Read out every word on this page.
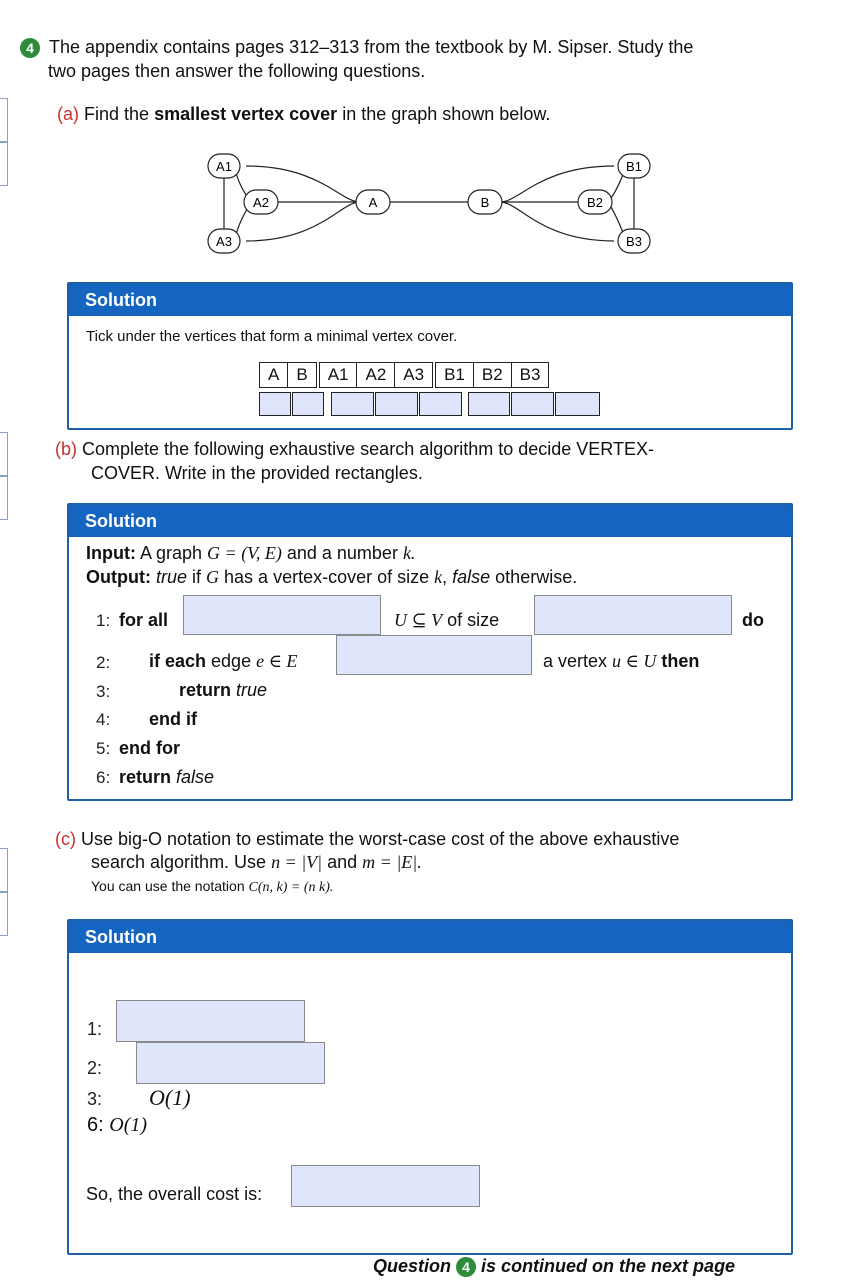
4 The appendix contains pages 312–313 from the textbook by M. Sipser. Study the
two pages then answer the following questions.
(a) Find the smallest vertex cover in the graph shown below.
A1
A2
A3
A	B
B1
B2
B3
Solution
Tick under the vertices that form a minimal vertex cover.
A	B	A1	A2	A3	B1	B2	B3
(b) Complete the following exhaustive search algorithm to decide VERTEX-
COVER. Write in the provided rectangles.
Solution
Input: A graph G = (V, E) and a number k.
Output: true if G has a vertex-cover of size k, false otherwise.
1: for all	U ⊆ V of size	do
2: if each edge e ∈ E	a vertex u ∈ U then
3:	return true
4: end if
5: end for
6: return false
(c) Use big-O notation to estimate the worst-case cost of the above exhaustive
search algorithm. Use n = |V| and m = |E|.
You can use the notation C(n, k) = (n k).
Solution
1:
2:
3: O(1)
6: O(1)
So, the overall cost is:
Question 4 is continued on the next page
